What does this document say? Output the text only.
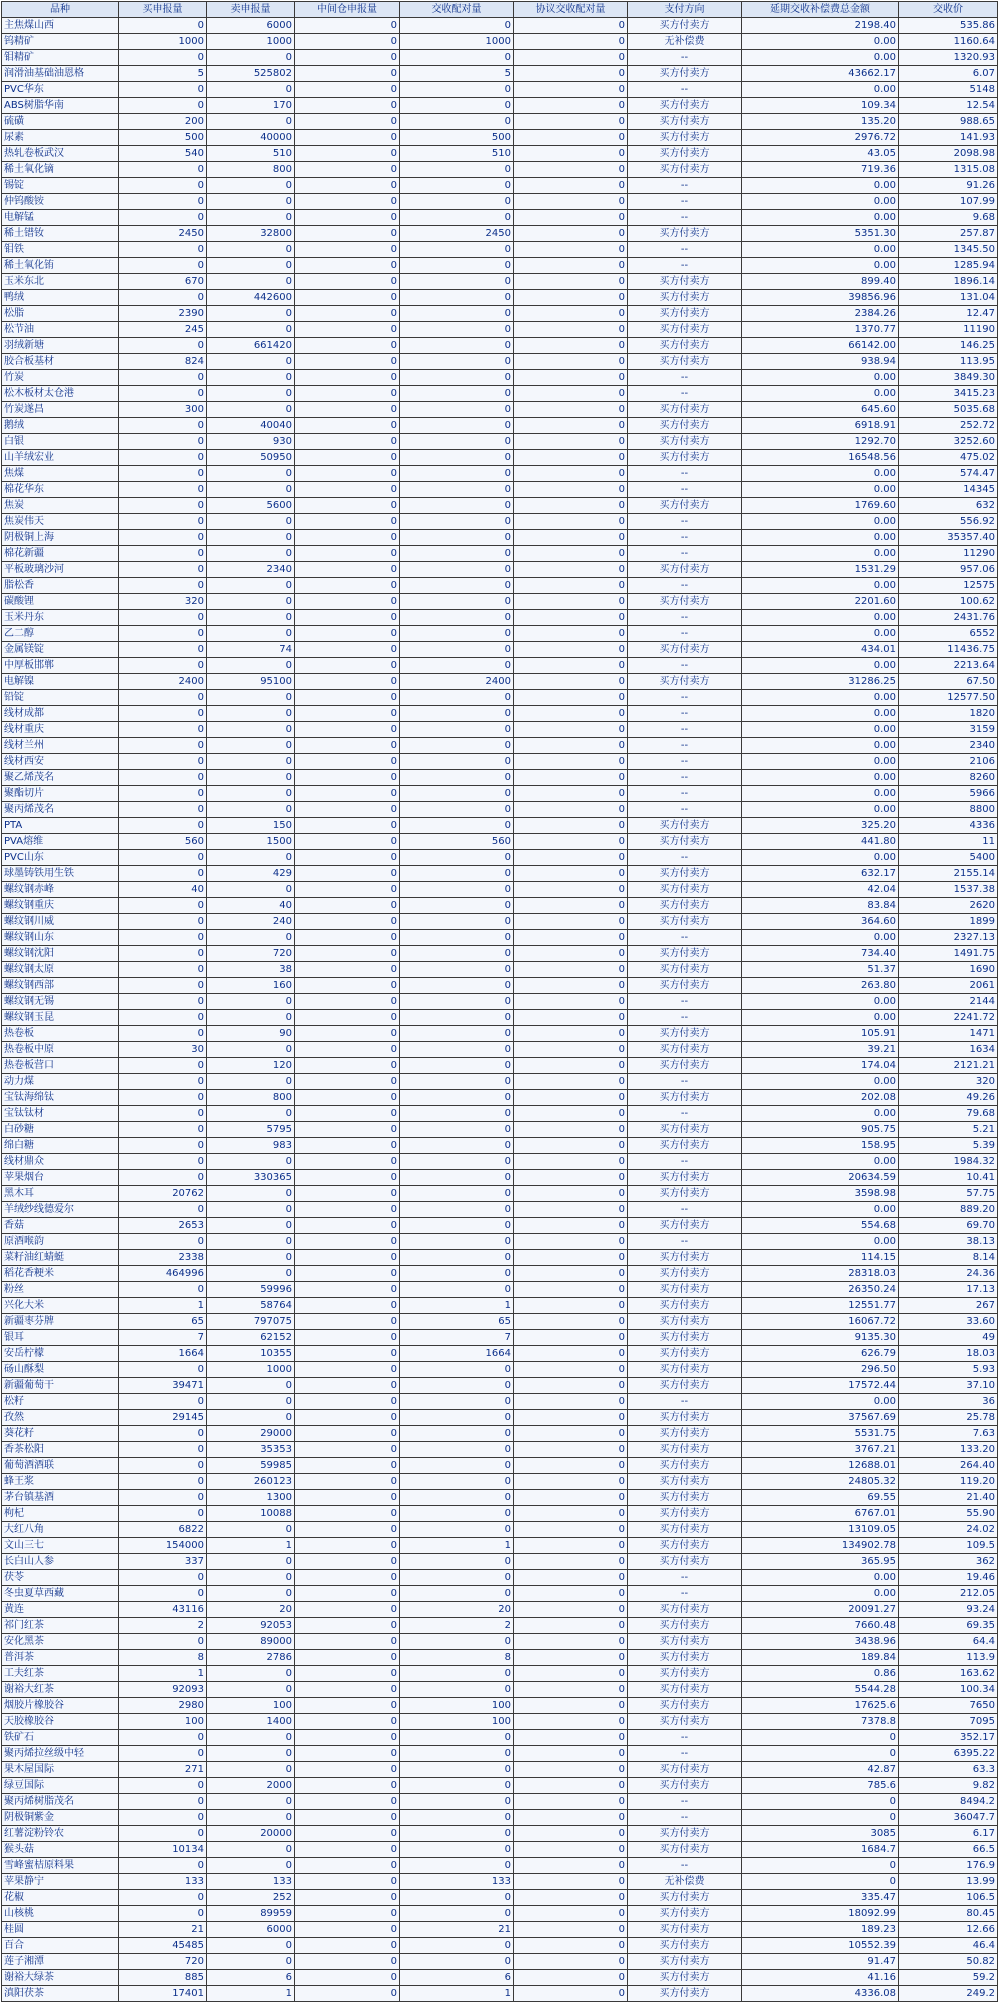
品种	买申报量	卖申报量	中间仓申报量	交收配对量	协议交收配对量	支付方向	延期交收补偿费总金额	交收价
主焦煤山西	0	6000	0	0	0	买方付卖方	2198.40	535.86
钨精矿	1000	1000	0	1000	0	无补偿费	0.00	1160.64
钼精矿	0	0	0	0	0	--	0.00	1320.93
润滑油基础油恩格	5	525802	0	5	0	买方付卖方	43662.17	6.07
PVC华东	0	0	0	0	0	--	0.00	5148
ABS树脂华南	0	170	0	0	0	买方付卖方	109.34	12.54
硫磺	200	0	0	0	0	买方付卖方	135.20	988.65
尿素	500	40000	0	500	0	买方付卖方	2976.72	141.93
热轧卷板武汉	540	510	0	510	0	买方付卖方	43.05	2098.98
稀土氧化镝	0	800	0	0	0	买方付卖方	719.36	1315.08
锡锭	0	0	0	0	0	--	0.00	91.26
仲钨酸铵	0	0	0	0	0	--	0.00	107.99
电解锰	0	0	0	0	0	--	0.00	9.68
稀土镨钕	2450	32800	0	2450	0	买方付卖方	5351.30	257.87
钼铁	0	0	0	0	0	--	0.00	1345.50
稀土氧化铕	0	0	0	0	0	--	0.00	1285.94
玉米东北	670	0	0	0	0	买方付卖方	899.40	1896.14
鸭绒	0	442600	0	0	0	买方付卖方	39856.96	131.04
松脂	2390	0	0	0	0	买方付卖方	2384.26	12.47
松节油	245	0	0	0	0	买方付卖方	1370.77	11190
羽绒新塘	0	661420	0	0	0	买方付卖方	66142.00	146.25
胶合板基材	824	0	0	0	0	买方付卖方	938.94	113.95
竹炭	0	0	0	0	0	--	0.00	3849.30
松木板材太仓港	0	0	0	0	0	--	0.00	3415.23
竹炭遂昌	300	0	0	0	0	买方付卖方	645.60	5035.68
鹅绒	0	40040	0	0	0	买方付卖方	6918.91	252.72
白银	0	930	0	0	0	买方付卖方	1292.70	3252.60
山羊绒宏业	0	50950	0	0	0	买方付卖方	16548.56	475.02
焦煤	0	0	0	0	0	--	0.00	574.47
棉花华东	0	0	0	0	0	--	0.00	14345
焦炭	0	5600	0	0	0	买方付卖方	1769.60	632
焦炭伟天	0	0	0	0	0	--	0.00	556.92
阴极铜上海	0	0	0	0	0	--	0.00	35357.40
棉花新疆	0	0	0	0	0	--	0.00	11290
平板玻璃沙河	0	2340	0	0	0	买方付卖方	1531.29	957.06
脂松香	0	0	0	0	0	--	0.00	12575
碳酸锂	320	0	0	0	0	买方付卖方	2201.60	100.62
玉米丹东	0	0	0	0	0	--	0.00	2431.76
乙二醇	0	0	0	0	0	--	0.00	6552
金属镁锭	0	74	0	0	0	买方付卖方	434.01	11436.75
中厚板邯郸	0	0	0	0	0	--	0.00	2213.64
电解镍	2400	95100	0	2400	0	买方付卖方	31286.25	67.50
铅锭	0	0	0	0	0	--	0.00	12577.50
线材成都	0	0	0	0	0	--	0.00	1820
线材重庆	0	0	0	0	0	--	0.00	3159
线材兰州	0	0	0	0	0	--	0.00	2340
线材西安	0	0	0	0	0	--	0.00	2106
聚乙烯茂名	0	0	0	0	0	--	0.00	8260
聚酯切片	0	0	0	0	0	--	0.00	5966
聚丙烯茂名	0	0	0	0	0	--	0.00	8800
PTA	0	150	0	0	0	买方付卖方	325.20	4336
PVA熔维	560	1500	0	560	0	买方付卖方	441.80	11
PVC山东	0	0	0	0	0	--	0.00	5400
球墨铸铁用生铁	0	429	0	0	0	买方付卖方	632.17	2155.14
螺纹钢赤峰	40	0	0	0	0	买方付卖方	42.04	1537.38
螺纹钢重庆	0	40	0	0	0	买方付卖方	83.84	2620
螺纹钢川威	0	240	0	0	0	买方付卖方	364.60	1899
螺纹钢山东	0	0	0	0	0	--	0.00	2327.13
螺纹钢沈阳	0	720	0	0	0	买方付卖方	734.40	1491.75
螺纹钢太原	0	38	0	0	0	买方付卖方	51.37	1690
螺纹钢西部	0	160	0	0	0	买方付卖方	263.80	2061
螺纹钢无锡	0	0	0	0	0	--	0.00	2144
螺纹钢玉昆	0	0	0	0	0	--	0.00	2241.72
热卷板	0	90	0	0	0	买方付卖方	105.91	1471
热卷板中原	30	0	0	0	0	买方付卖方	39.21	1634
热卷板营口	0	120	0	0	0	买方付卖方	174.04	2121.21
动力煤	0	0	0	0	0	--	0.00	320
宝钛海绵钛	0	800	0	0	0	买方付卖方	202.08	49.26
宝钛钛材	0	0	0	0	0	--	0.00	79.68
白砂糖	0	5795	0	0	0	买方付卖方	905.75	5.21
绵白糖	0	983	0	0	0	买方付卖方	158.95	5.39
线材鼎众	0	0	0	0	0	--	0.00	1984.32
苹果烟台	0	330365	0	0	0	买方付卖方	20634.59	10.41
黑木耳	20762	0	0	0	0	买方付卖方	3598.98	57.75
羊绒纱线德爱尔	0	0	0	0	0	--	0.00	889.20
香菇	2653	0	0	0	0	买方付卖方	554.68	69.70
原酒喉韵	0	0	0	0	0	--	0.00	38.13
菜籽油红蜻蜓	2338	0	0	0	0	买方付卖方	114.15	8.14
稻花香粳米	464996	0	0	0	0	买方付卖方	28318.03	24.36
粉丝	0	59996	0	0	0	买方付卖方	26350.24	17.13
兴化大米	1	58764	0	1	0	买方付卖方	12551.77	267
新疆枣芬牌	65	797075	0	65	0	买方付卖方	16067.72	33.60
银耳	7	62152	0	7	0	买方付卖方	9135.30	49
安岳柠檬	1664	10355	0	1664	0	买方付卖方	626.79	18.03
砀山酥梨	0	1000	0	0	0	买方付卖方	296.50	5.93
新疆葡萄干	39471	0	0	0	0	买方付卖方	17572.44	37.10
松籽	0	0	0	0	0	--	0.00	36
孜然	29145	0	0	0	0	买方付卖方	37567.69	25.78
葵花籽	0	29000	0	0	0	买方付卖方	5531.75	7.63
香茶松阳	0	35353	0	0	0	买方付卖方	3767.21	133.20
葡萄酒酒联	0	59985	0	0	0	买方付卖方	12688.01	264.40
蜂王浆	0	260123	0	0	0	买方付卖方	24805.32	119.20
茅台镇基酒	0	1300	0	0	0	买方付卖方	69.55	21.40
枸杞	0	10088	0	0	0	买方付卖方	6767.01	55.90
大红八角	6822	0	0	0	0	买方付卖方	13109.05	24.02
文山三七	154000	1	0	1	0	买方付卖方	134902.78	109.5
长白山人参	337	0	0	0	0	买方付卖方	365.95	362
茯苓	0	0	0	0	0	--	0.00	19.46
冬虫夏草西藏	0	0	0	0	0	--	0.00	212.05
黄连	43116	20	0	20	0	买方付卖方	20091.27	93.24
祁门红茶	2	92053	0	2	0	买方付卖方	7660.48	69.35
安化黑茶	0	89000	0	0	0	买方付卖方	3438.96	64.4
普洱茶	8	2786	0	8	0	买方付卖方	189.84	113.9
工夫红茶	1	0	0	0	0	买方付卖方	0.86	163.62
谢裕大红茶	92093	0	0	0	0	买方付卖方	5544.28	100.34
烟胶片橡胶谷	2980	100	0	100	0	买方付卖方	17625.6	7650
天胶橡胶谷	100	1400	0	100	0	买方付卖方	7378.8	7095
铁矿石	0	0	0	0	0	--	0	352.17
聚丙烯拉丝级中轻	0	0	0	0	0	--	0	6395.22
果木屋国际	271	0	0	0	0	买方付卖方	42.87	63.3
绿豆国际	0	2000	0	0	0	买方付卖方	785.6	9.82
聚丙烯树脂茂名	0	0	0	0	0	--	0	8494.2
阴极铜紫金	0	0	0	0	0	--	0	36047.7
红薯淀粉铃农	0	20000	0	0	0	买方付卖方	3085	6.17
猴头菇	10134	0	0	0	0	买方付卖方	1684.7	66.5
雪峰蜜桔原料果	0	0	0	0	0	--	0	176.9
苹果静宁	133	133	0	133	0	无补偿费	0	13.99
花椒	0	252	0	0	0	买方付卖方	335.47	106.5
山核桃	0	89959	0	0	0	买方付卖方	18092.99	80.45
桂圆	21	6000	0	21	0	买方付卖方	189.23	12.66
百合	45485	0	0	0	0	买方付卖方	10552.39	46.4
莲子湘潭	720	0	0	0	0	买方付卖方	91.47	50.82
谢裕大绿茶	885	6	0	6	0	买方付卖方	41.16	59.2
滇阳茯茶	17401	1	0	1	0	买方付卖方	4336.08	249.2
